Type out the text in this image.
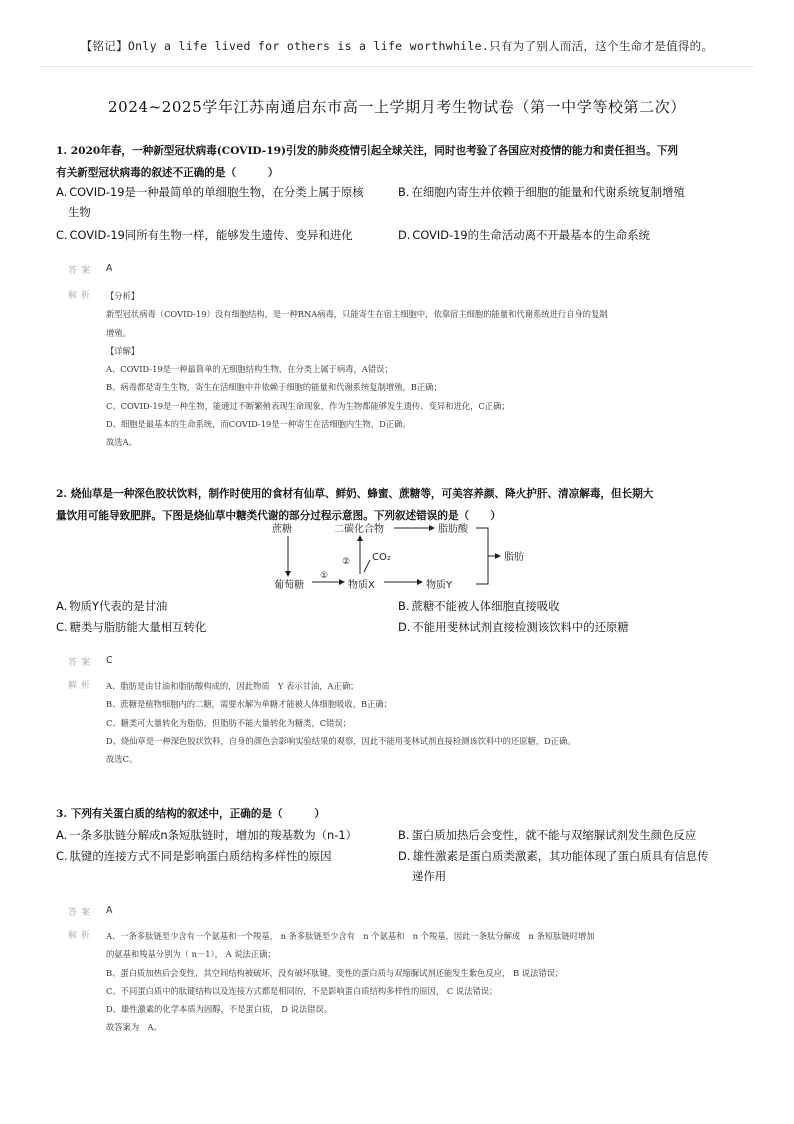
【铭记】Only a life lived for others is a life worthwhile.只有为了别人而活，这个生命才是值得的。
2024~2025学年江苏南通启东市高一上学期月考生物试卷（第一中学等校第二次）
1. 2020年春，一种新型冠状病毒(COVID-19)引发的肺炎疫情引起全球关注，同时也考验了各国应对疫情的能力和责任担当。下列
有关新型冠状病毒的叙述不正确的是（　　　）
A. COVID-19是一种最简单的单细胞生物，在分类上属于原核
生物
B. 在细胞内寄生并依赖于细胞的能量和代谢系统复制增殖
C. COVID-19同所有生物一样，能够发生遗传、变异和进化	D. COVID-19的生命活动离不开最基本的生命系统
答案	A
解析	【分析】
新型冠状病毒（COVID-19）没有细胞结构，是一种RNA病毒，只能寄生在宿主细胞中，依靠宿主细胞的能量和代谢系统进行自身的复制
增殖。
【详解】
A、COVID-19是一种最简单的无细胞结构生物，在分类上属于病毒，A错误；
B、病毒都是寄生生物，寄生在活细胞中并依赖于细胞的能量和代谢系统复制增殖，B正确；
C、COVID-19是一种生物，能通过不断繁殖表现生命现象，作为生物都能够发生遗传、变异和进化，C正确；
D、细胞是最基本的生命系统，而COVID-19是一种寄生在活细胞内生物，D正确。
故选A。
2. 烧仙草是一种深色胶状饮料，制作时使用的食材有仙草、鲜奶、蜂蜜、蔗糖等，可美容养颜、降火护肝、清凉解毒，但长期大
量饮用可能导致肥胖。下图是烧仙草中糖类代谢的部分过程示意图。下列叙述错误的是（　　）
蔗糖	二碳化合物	脂肪酸
葡萄糖	物质X	物质Y
CO₂	脂肪
①
②
A. 物质Y代表的是甘油	B. 蔗糖不能被人体细胞直接吸收
C. 糖类与脂肪能大量相互转化	D. 不能用斐林试剂直接检测该饮料中的还原糖
答案	C
解析	A、脂肪是由甘油和脂肪酸构成的，因此物质　Y 表示甘油，A正确；
B、蔗糖是植物细胞内的二糖，需要水解为单糖才能被人体细胞吸收，B正确；
C、糖类可大量转化为脂肪，但脂肪不能大量转化为糖类，C错误；
D、烧仙草是一种深色胶状饮料，自身的颜色会影响实验结果的观察，因此不能用斐林试剂直接检测该饮料中的还原糖，D正确。
故选C。
3. 下列有关蛋白质的结构的叙述中，正确的是（　　　）
A. 一条多肽链分解成n条短肽链时，增加的羧基数为（n-1）	B. 蛋白质加热后会变性，就不能与双缩脲试剂发生颜色反应
C. 肽键的连接方式不同是影响蛋白质结构多样性的原因	D. 雄性激素是蛋白质类激素，其功能体现了蛋白质具有信息传
递作用
答案	A
解析	A、一条多肽链至少含有一个氨基和一个羧基， n 条多肽链至少含有　n 个氨基和　n 个羧基，因此一条肽分解成　n 条短肽链时增加
的氨基和羧基分别为（ n－1）， A 说法正确；
B、蛋白质加热后会变性，其空间结构被破坏，没有破坏肽键，变性的蛋白质与双缩脲试剂还能发生紫色反应， B 说法错误；
C、不同蛋白质中的肽键结构以及连接方式都是相同的，不是影响蛋白质结构多样性的原因， C 说法错误；
D、雄性激素的化学本质为固醇，不是蛋白质， D 说法错误。
故答案为　A。
